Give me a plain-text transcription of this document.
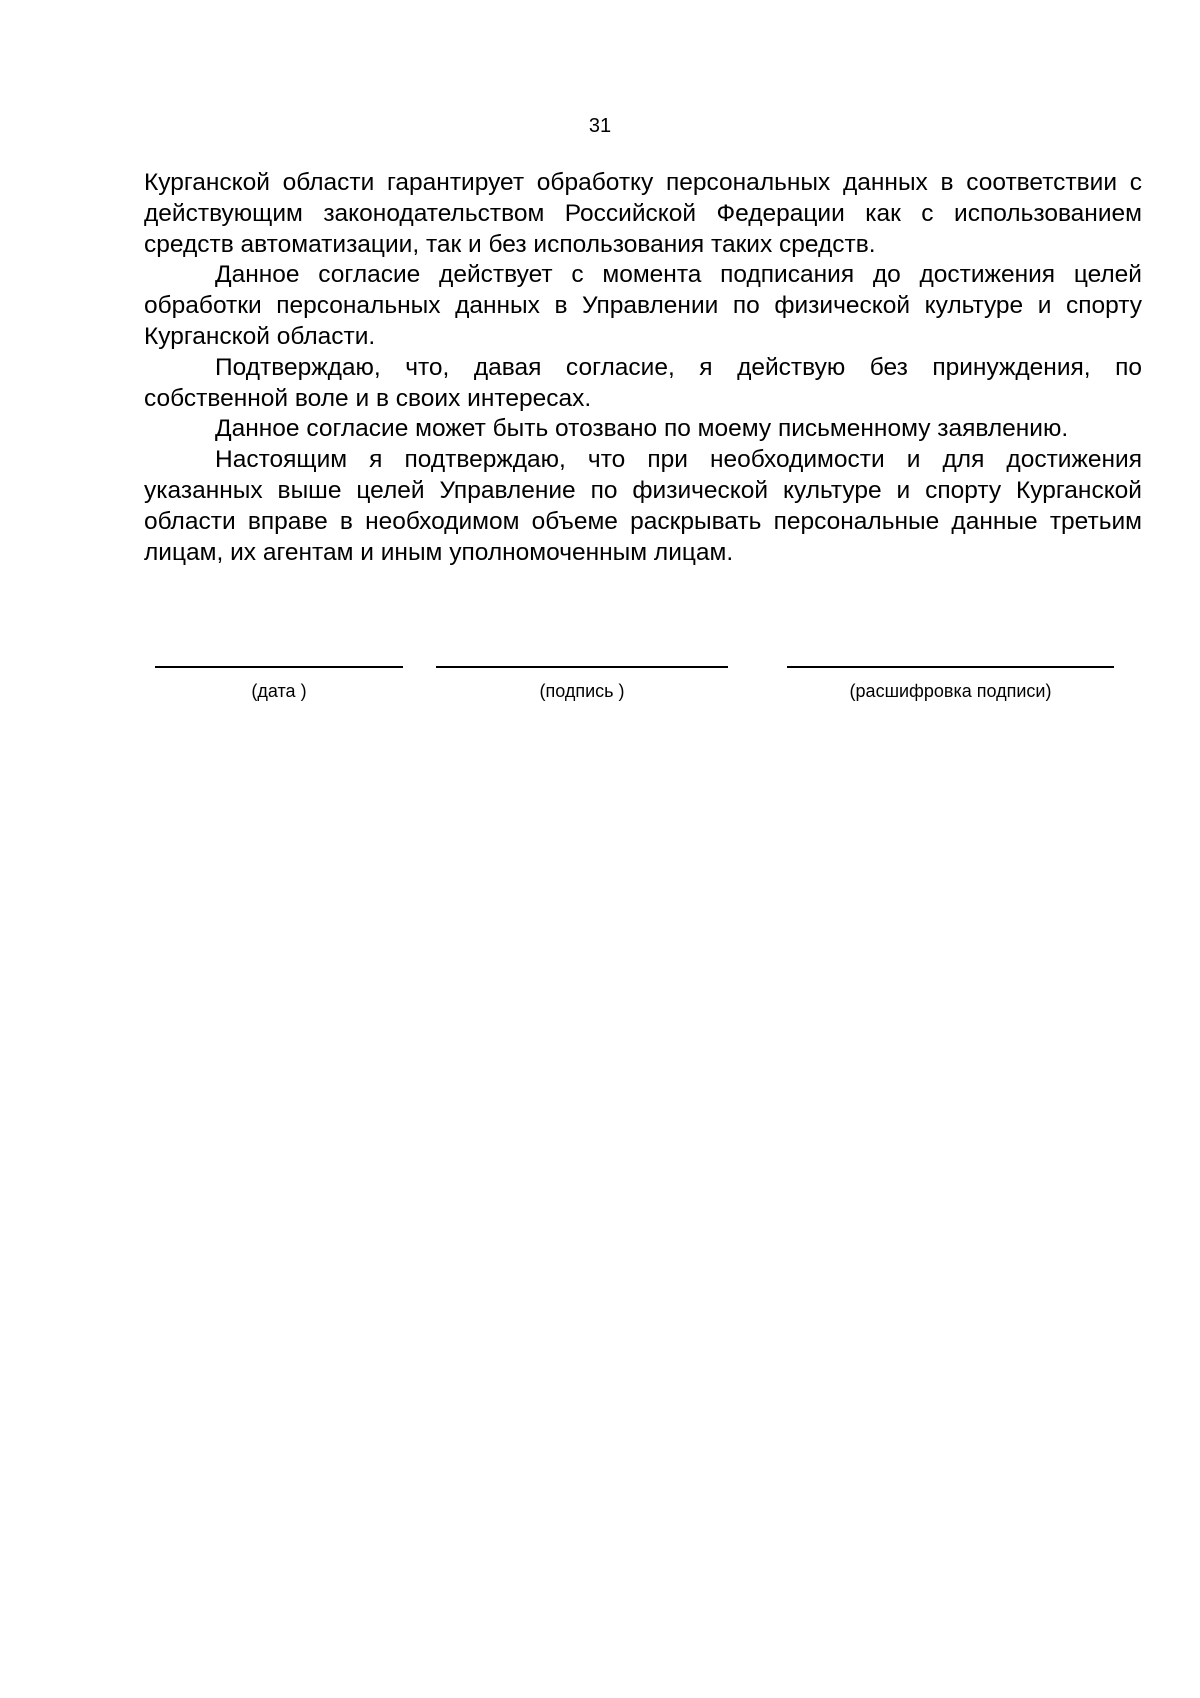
31

Курганской области гарантирует обработку персональных данных в соответствии с действующим законодательством Российской Федерации как с использованием средств автоматизации, так и без использования таких средств.

Данное согласие действует с момента подписания до достижения целей обработки персональных данных в Управлении по физической культуре и спорту Курганской области.

Подтверждаю, что, давая согласие, я действую без принуждения, по собственной воле и в своих интересах.

Данное согласие может быть отозвано по моему письменному заявлению.

Настоящим я подтверждаю, что при необходимости и для достижения указанных выше целей Управление по физической культуре и спорту Курганской области вправе в необходимом объеме раскрывать персональные данные третьим лицам, их агентам и иным уполномоченным лицам.

(дата )	(подпись )	(расшифровка подписи)
